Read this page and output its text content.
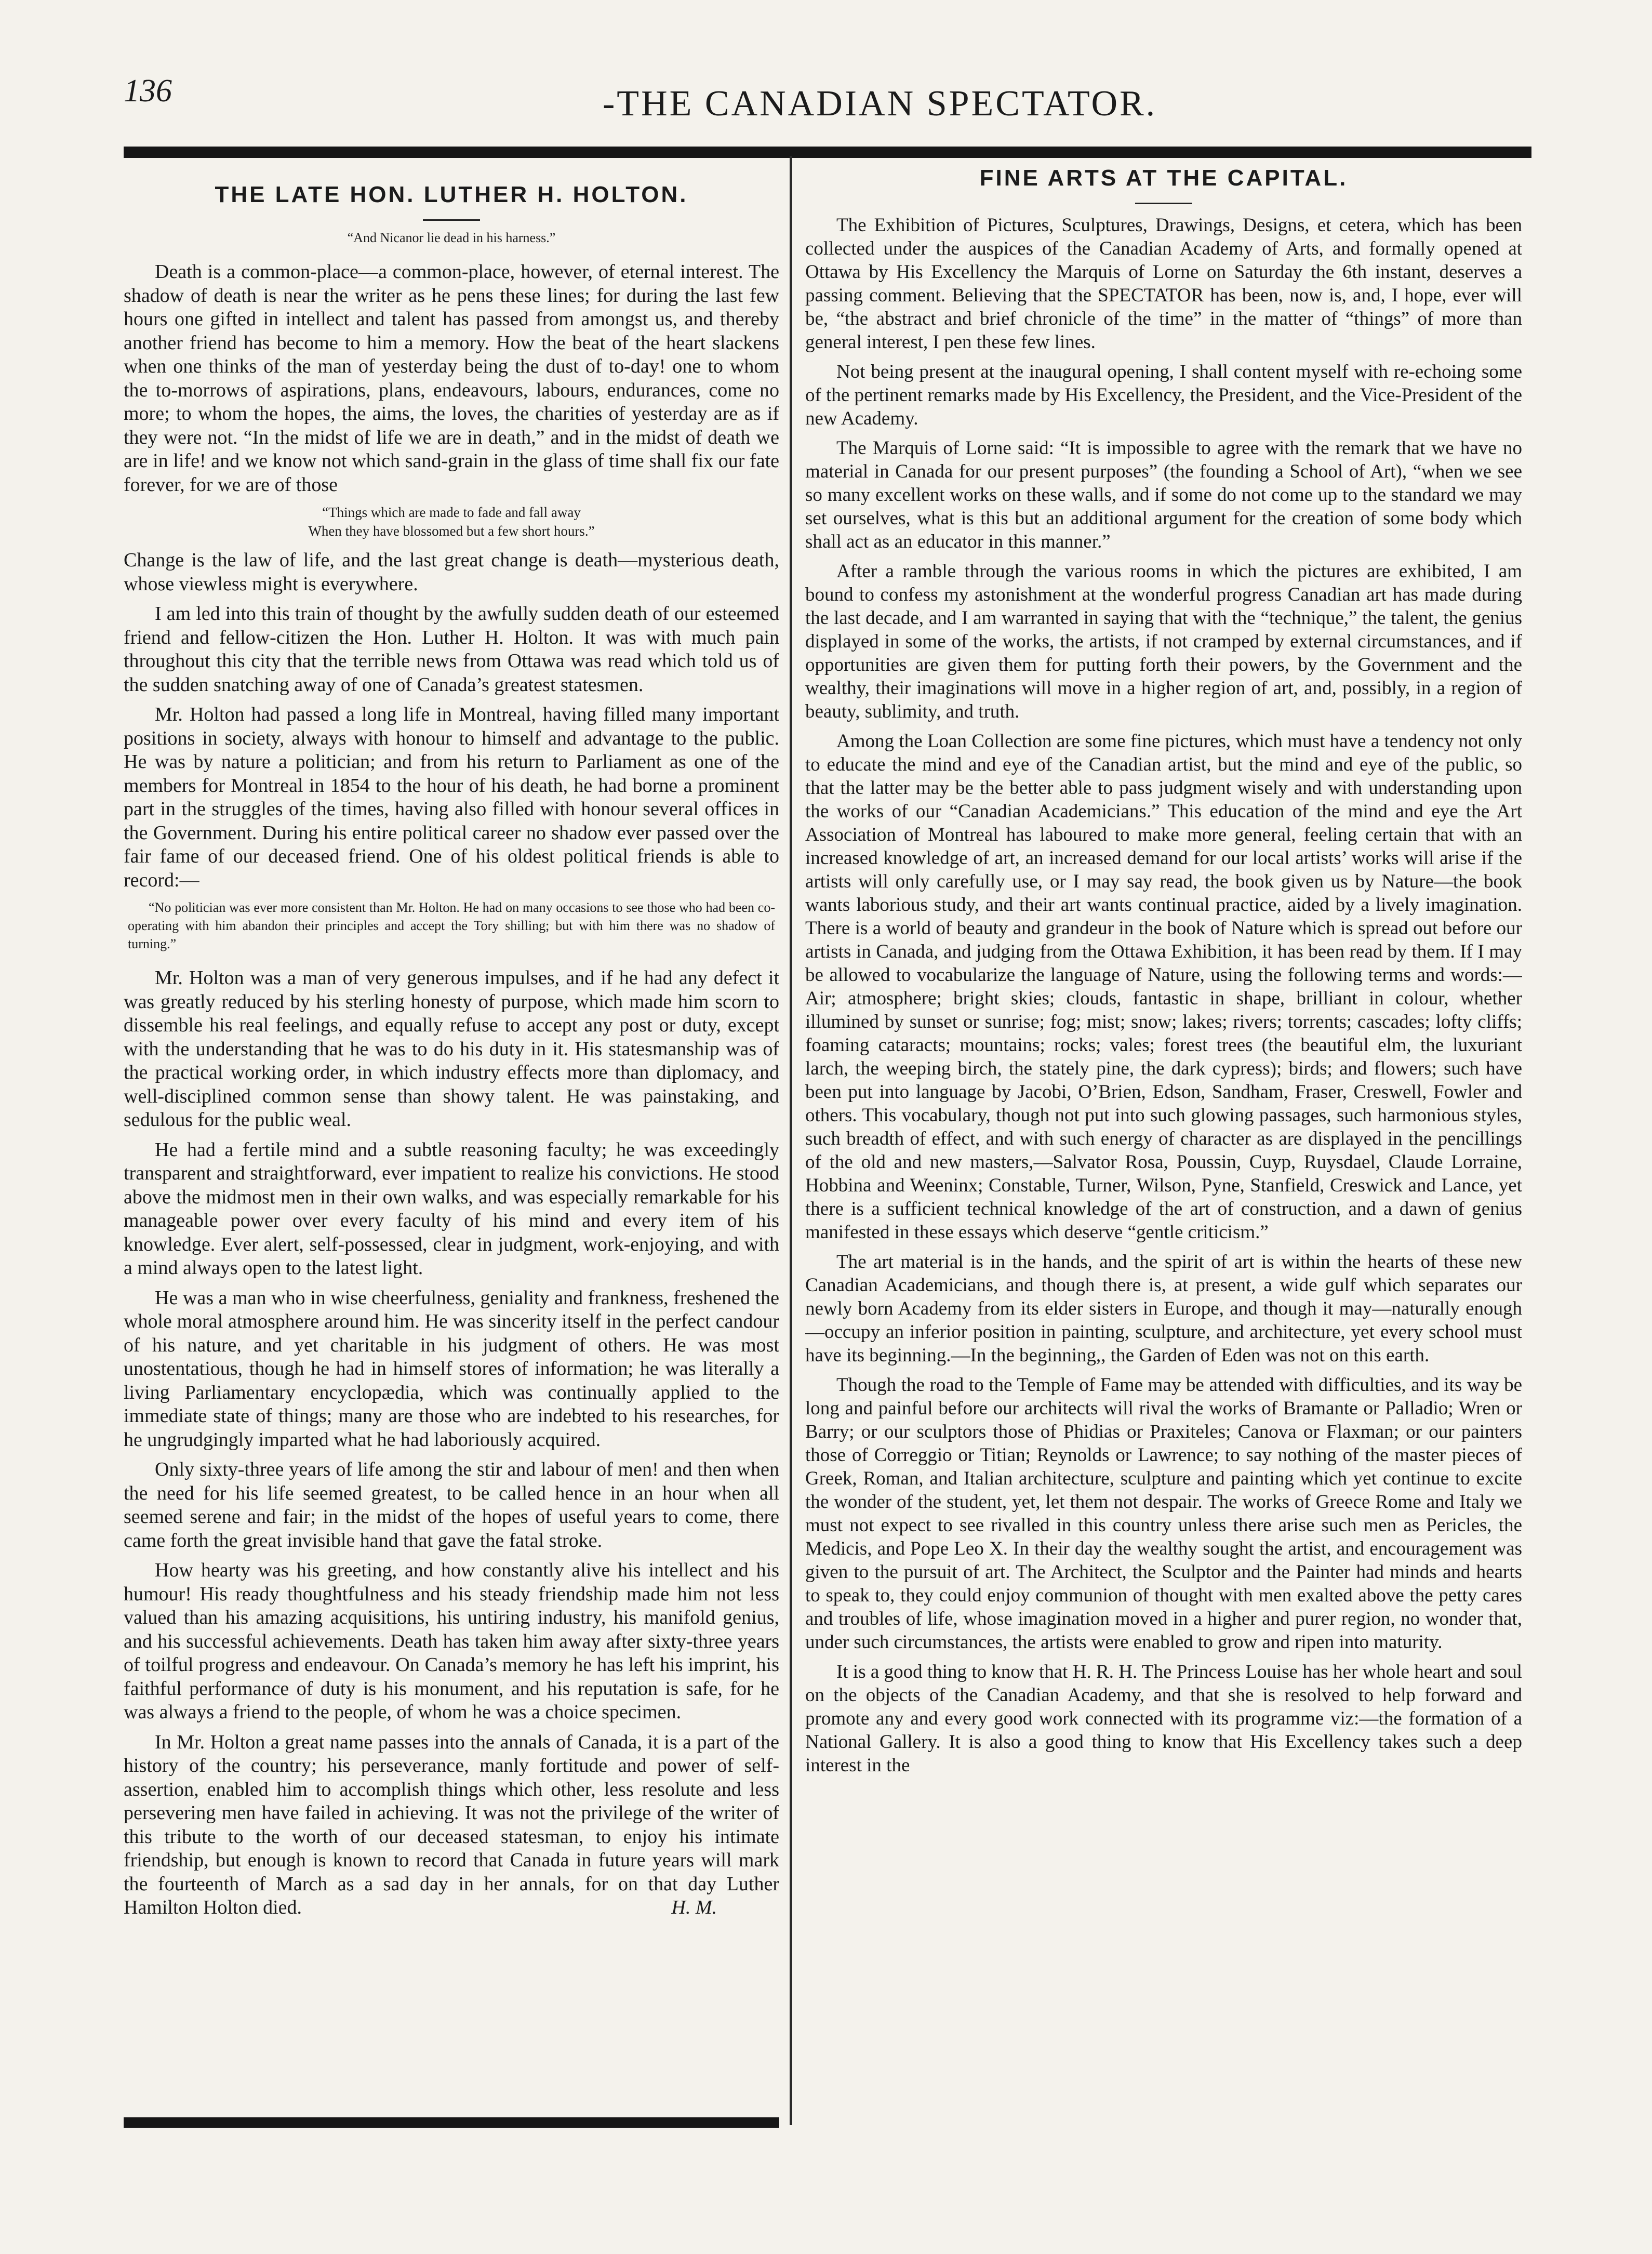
136	-THE CANADIAN SPECTATOR.
THE LATE HON. LUTHER H. HOLTON.
“And Nicanor lie dead in his harness.”

Death is a common-place—a common-place, however, of eternal interest. The shadow of death is near the writer as he pens these lines; for during the last few hours one gifted in intellect and talent has passed from amongst us, and thereby another friend has become to him a memory. How the beat of the heart slackens when one thinks of the man of yesterday being the dust of to-day! one to whom the to-morrows of aspirations, plans, endeavours, labours, endurances, come no more; to whom the hopes, the aims, the loves, the charities of yesterday are as if they were not. “In the midst of life we are in death,” and in the midst of death we are in life! and we know not which sand-grain in the glass of time shall fix our fate forever, for we are of those

“Things which are made to fade and fall away
When they have blossomed but a few short hours.”

Change is the law of life, and the last great change is death—mysterious death, whose viewless might is everywhere.

I am led into this train of thought by the awfully sudden death of our esteemed friend and fellow-citizen the Hon. Luther H. Holton. It was with much pain throughout this city that the terrible news from Ottawa was read which told us of the sudden snatching away of one of Canada’s greatest statesmen.

Mr. Holton had passed a long life in Montreal, having filled many important positions in society, always with honour to himself and advantage to the public. He was by nature a politician; and from his return to Parliament as one of the members for Montreal in 1854 to the hour of his death, he had borne a prominent part in the struggles of the times, having also filled with honour several offices in the Government. During his entire political career no shadow ever passed over the fair fame of our deceased friend. One of his oldest political friends is able to record:—

“No politician was ever more consistent than Mr. Holton. He had on many occasions to see those who had been co-operating with him abandon their principles and accept the Tory shilling; but with him there was no shadow of turning.”

Mr. Holton was a man of very generous impulses, and if he had any defect it was greatly reduced by his sterling honesty of purpose, which made him scorn to dissemble his real feelings, and equally refuse to accept any post or duty, except with the understanding that he was to do his duty in it. His statesmanship was of the practical working order, in which industry effects more than diplomacy, and well-disciplined common sense than showy talent. He was painstaking, and sedulous for the public weal.

He had a fertile mind and a subtle reasoning faculty; he was exceedingly transparent and straightforward, ever impatient to realize his convictions. He stood above the midmost men in their own walks, and was especially remarkable for his manageable power over every faculty of his mind and every item of his knowledge. Ever alert, self-possessed, clear in judgment, work-enjoying, and with a mind always open to the latest light.

He was a man who in wise cheerfulness, geniality and frankness, freshened the whole moral atmosphere around him. He was sincerity itself in the perfect candour of his nature, and yet charitable in his judgment of others. He was most unostentatious, though he had in himself stores of information; he was literally a living Parliamentary encyclopædia, which was continually applied to the immediate state of things; many are those who are indebted to his researches, for he ungrudgingly imparted what he had laboriously acquired.

Only sixty-three years of life among the stir and labour of men! and then when the need for his life seemed greatest, to be called hence in an hour when all seemed serene and fair; in the midst of the hopes of useful years to come, there came forth the great invisible hand that gave the fatal stroke.

How hearty was his greeting, and how constantly alive his intellect and his humour! His ready thoughtfulness and his steady friendship made him not less valued than his amazing acquisitions, his untiring industry, his manifold genius, and his successful achievements. Death has taken him away after sixty-three years of toilful progress and endeavour. On Canada’s memory he has left his imprint, his faithful performance of duty is his monument, and his reputation is safe, for he was always a friend to the people, of whom he was a choice specimen.

In Mr. Holton a great name passes into the annals of Canada, it is a part of the history of the country; his perseverance, manly fortitude and power of self-assertion, enabled him to accomplish things which other, less resolute and less persevering men have failed in achieving. It was not the privilege of the writer of this tribute to the worth of our deceased statesman, to enjoy his intimate friendship, but enough is known to record that Canada in future years will mark the fourteenth of March as a sad day in her annals, for on that day Luther Hamilton Holton died.	H. M.

FINE ARTS AT THE CAPITAL.

The Exhibition of Pictures, Sculptures, Drawings, Designs, et cetera, which has been collected under the auspices of the Canadian Academy of Arts, and formally opened at Ottawa by His Excellency the Marquis of Lorne on Saturday the 6th instant, deserves a passing comment. Believing that the SPECTATOR has been, now is, and, I hope, ever will be, “the abstract and brief chronicle of the time” in the matter of “things” of more than general interest, I pen these few lines.

Not being present at the inaugural opening, I shall content myself with re-echoing some of the pertinent remarks made by His Excellency, the President, and the Vice-President of the new Academy.

The Marquis of Lorne said: “It is impossible to agree with the remark that we have no material in Canada for our present purposes” (the founding a School of Art), “when we see so many excellent works on these walls, and if some do not come up to the standard we may set ourselves, what is this but an additional argument for the creation of some body which shall act as an educator in this manner.”

After a ramble through the various rooms in which the pictures are exhibited, I am bound to confess my astonishment at the wonderful progress Canadian art has made during the last decade, and I am warranted in saying that with the “technique,” the talent, the genius displayed in some of the works, the artists, if not cramped by external circumstances, and if opportunities are given them for putting forth their powers, by the Government and the wealthy, their imaginations will move in a higher region of art, and, possibly, in a region of beauty, sublimity, and truth.

Among the Loan Collection are some fine pictures, which must have a tendency not only to educate the mind and eye of the Canadian artist, but the mind and eye of the public, so that the latter may be the better able to pass judgment wisely and with understanding upon the works of our “Canadian Academicians.” This education of the mind and eye the Art Association of Montreal has laboured to make more general, feeling certain that with an increased knowledge of art, an increased demand for our local artists’ works will arise if the artists will only carefully use, or I may say read, the book given us by Nature—the book wants laborious study, and their art wants continual practice, aided by a lively imagination. There is a world of beauty and grandeur in the book of Nature which is spread out before our artists in Canada, and judging from the Ottawa Exhibition, it has been read by them. If I may be allowed to vocabularize the language of Nature, using the following terms and words:—Air; atmosphere; bright skies; clouds, fantastic in shape, brilliant in colour, whether illumined by sunset or sunrise; fog; mist; snow; lakes; rivers; torrents; cascades; lofty cliffs; foaming cataracts; mountains; rocks; vales; forest trees (the beautiful elm, the luxuriant larch, the weeping birch, the stately pine, the dark cypress); birds; and flowers; such have been put into language by Jacobi, O’Brien, Edson, Sandham, Fraser, Creswell, Fowler and others. This vocabulary, though not put into such glowing passages, such harmonious styles, such breadth of effect, and with such energy of character as are displayed in the pencillings of the old and new masters,—Salvator Rosa, Poussin, Cuyp, Ruysdael, Claude Lorraine, Hobbina and Weeninx; Constable, Turner, Wilson, Pyne, Stanfield, Creswick and Lance, yet there is a sufficient technical knowledge of the art of construction, and a dawn of genius manifested in these essays which deserve “gentle criticism.”

The art material is in the hands, and the spirit of art is within the hearts of these new Canadian Academicians, and though there is, at present, a wide gulf which separates our newly born Academy from its elder sisters in Europe, and though it may—naturally enough—occupy an inferior position in painting, sculpture, and architecture, yet every school must have its beginning.—In the beginning,, the Garden of Eden was not on this earth.

Though the road to the Temple of Fame may be attended with difficulties, and its way be long and painful before our architects will rival the works of Bramante or Palladio; Wren or Barry; or our sculptors those of Phidias or Praxiteles; Canova or Flaxman; or our painters those of Correggio or Titian; Reynolds or Lawrence; to say nothing of the master pieces of Greek, Roman, and Italian architecture, sculpture and painting which yet continue to excite the wonder of the student, yet, let them not despair. The works of Greece Rome and Italy we must not expect to see rivalled in this country unless there arise such men as Pericles, the Medicis, and Pope Leo X. In their day the wealthy sought the artist, and encouragement was given to the pursuit of art. The Architect, the Sculptor and the Painter had minds and hearts to speak to, they could enjoy communion of thought with men exalted above the petty cares and troubles of life, whose imagination moved in a higher and purer region, no wonder that, under such circumstances, the artists were enabled to grow and ripen into maturity.

It is a good thing to know that H. R. H. The Princess Louise has her whole heart and soul on the objects of the Canadian Academy, and that she is resolved to help forward and promote any and every good work connected with its programme viz:—the formation of a National Gallery. It is also a good thing to know that His Excellency takes such a deep interest in the
